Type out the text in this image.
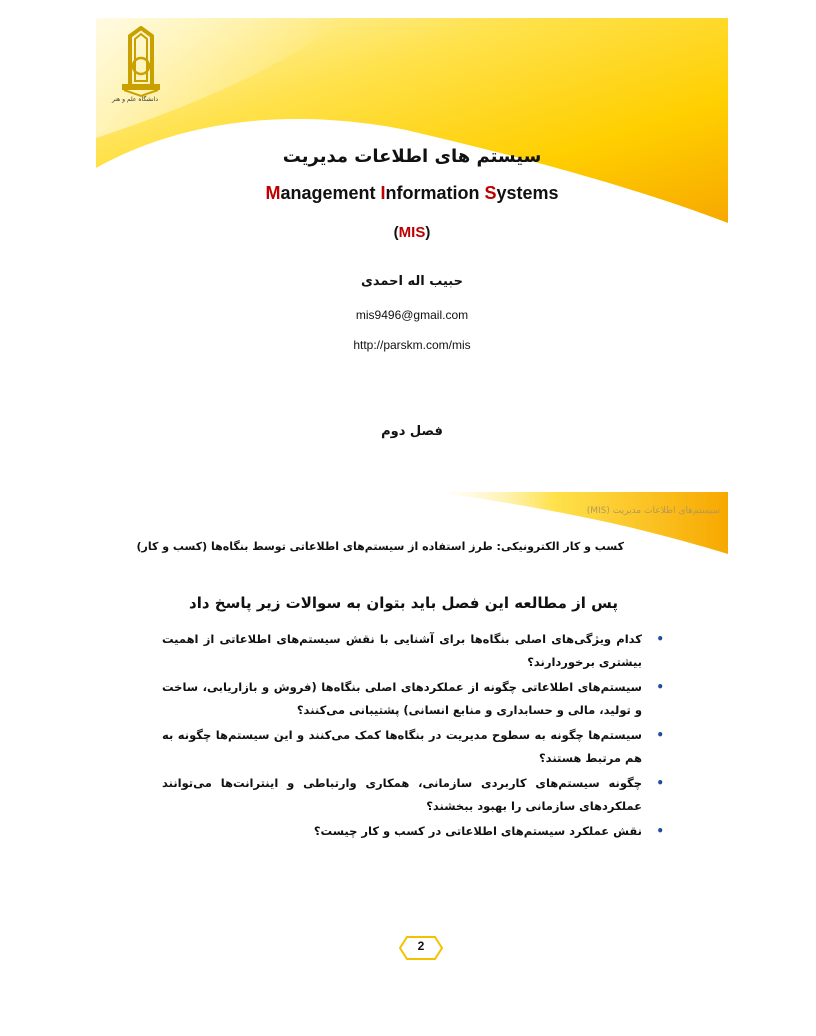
دانشگاه علم و هنر
سیستم های اطلاعات مدیریت
Management Information Systems
(MIS)
حبیب اله احمدی
mis9496@gmail.com
http://parskm.com/mis
فصل دوم
سیستم‌های اطلاعات مدیریت (MIS)
کسب و کار الکترونیکی: طرز استفاده از سیستم‌های اطلاعاتی توسط بنگاه‌ها (کسب و کار)
پس از مطالعه این فصل باید بتوان به سوالات زیر پاسخ داد
•
کدام ویژگی‌های اصلی بنگاه‌ها برای آشنایی با نقش سیستم‌های اطلاعاتی از اهمیت بیشتری برخوردارند؟
•
سیستم‌های اطلاعاتی چگونه از عملکردهای اصلی بنگاه‌ها (فروش و بازاریابی، ساخت و تولید، مالی و حسابداری و منابع انسانی) پشتیبانی می‌کنند؟
•
سیستم‌ها چگونه به سطوح مدیریت در بنگاه‌ها کمک می‌کنند و این سیستم‌ها چگونه به هم مرتبط هستند؟
•
چگونه سیستم‌های کاربردی سازمانی، همکاری وارتباطی و اینترانت‌ها می‌توانند عملکردهای سازمانی را بهبود ببخشند؟
•
نقش عملکرد سیستم‌های اطلاعاتی در کسب و کار چیست؟
2
